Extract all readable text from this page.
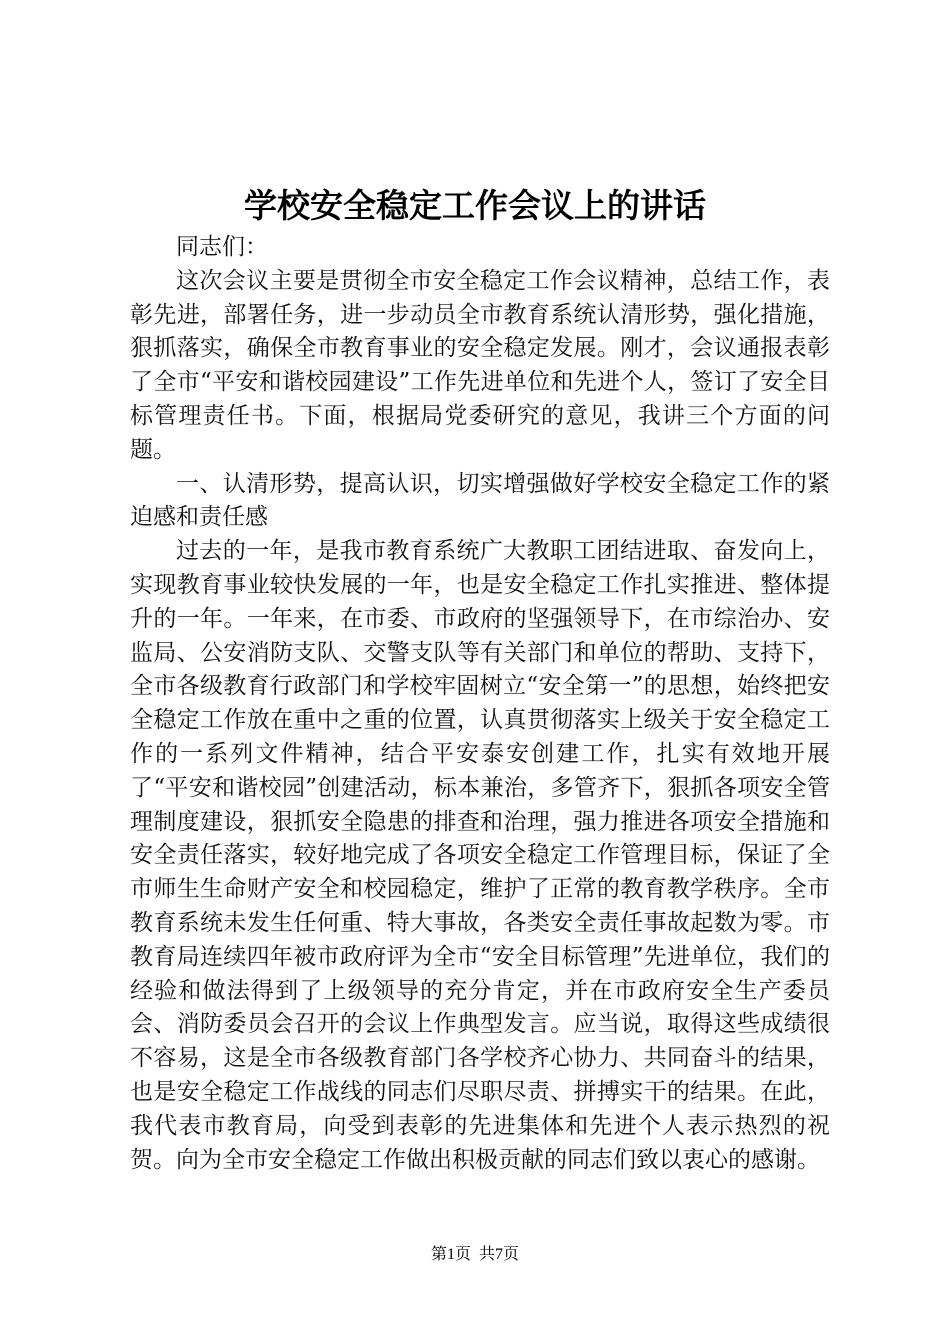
学校安全稳定工作会议上的讲话

同志们：

这次会议主要是贯彻全市安全稳定工作会议精神，总结工作，表彰先进，部署任务，进一步动员全市教育系统认清形势，强化措施，狠抓落实，确保全市教育事业的安全稳定发展。刚才，会议通报表彰了全市“平安和谐校园建设”工作先进单位和先进个人，签订了安全目标管理责任书。下面，根据局党委研究的意见，我讲三个方面的问题。

一、认清形势，提高认识，切实增强做好学校安全稳定工作的紧迫感和责任感

过去的一年，是我市教育系统广大教职工团结进取、奋发向上，实现教育事业较快发展的一年，也是安全稳定工作扎实推进、整体提升的一年。一年来，在市委、市政府的坚强领导下，在市综治办、安监局、公安消防支队、交警支队等有关部门和单位的帮助、支持下，全市各级教育行政部门和学校牢固树立“安全第一”的思想，始终把安全稳定工作放在重中之重的位置，认真贯彻落实上级关于安全稳定工作的一系列文件精神，结合平安泰安创建工作，扎实有效地开展了“平安和谐校园”创建活动，标本兼治，多管齐下，狠抓各项安全管理制度建设，狠抓安全隐患的排查和治理，强力推进各项安全措施和安全责任落实，较好地完成了各项安全稳定工作管理目标，保证了全市师生生命财产安全和校园稳定，维护了正常的教育教学秩序。全市教育系统未发生任何重、特大事故，各类安全责任事故起数为零。市教育局连续四年被市政府评为全市“安全目标管理”先进单位，我们的经验和做法得到了上级领导的充分肯定，并在市政府安全生产委员会、消防委员会召开的会议上作典型发言。应当说，取得这些成绩很不容易，这是全市各级教育部门各学校齐心协力、共同奋斗的结果，也是安全稳定工作战线的同志们尽职尽责、拼搏实干的结果。在此，我代表市教育局，向受到表彰的先进集体和先进个人表示热烈的祝贺。向为全市安全稳定工作做出积极贡献的同志们致以衷心的感谢。

第1页 共7页
